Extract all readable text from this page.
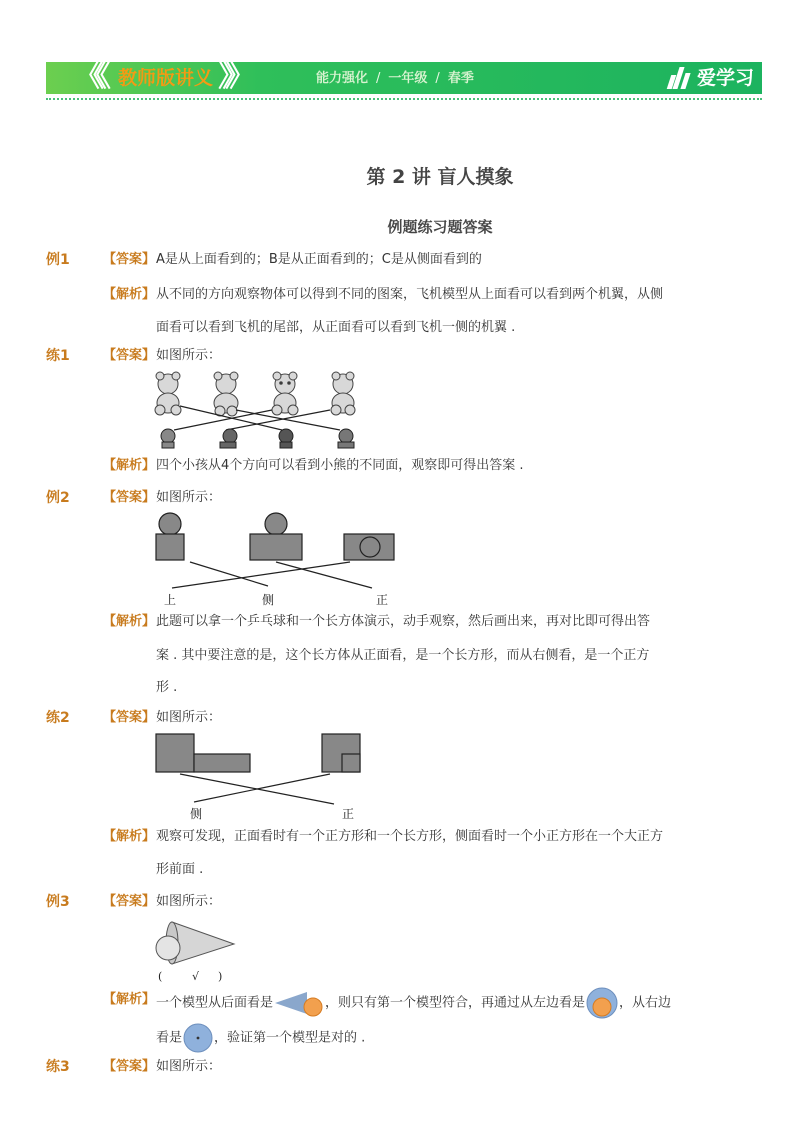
《《 教师版讲义 》》	能力强化 / 一年级 / 春季	爱学习
第 2 讲 盲人摸象
例题练习题答案
例1	【 答案 】	A是从上面看到的；B是从正面看到的；C是从侧面看到的
【 解析 】	从不同的方向观察物体可以得到不同的图案，飞机模型从上面看可以看到两个机翼，从侧
面看可以看到飞机的尾部，从正面看可以看到飞机一侧的机翼 .
练1	【 答案 】	如图所示：
【 解析 】	四个小孩从4个方向可以看到小熊的不同面，观察即可得出答案 .
例2	【 答案 】	如图所示：
上	侧	正
【 解析 】	此题可以拿一个乒乓球和一个长方体演示，动手观察，然后画出来，再对比即可得出答
案 . 其中要注意的是，这个长方体从正面看，是一个长方形，而从右侧看，是一个正方
形 .
练2	【 答案 】	如图所示：
侧	正
【 解析 】	观察可发现，正面看时有一个正方形和一个长方形，侧面看时一个小正方形在一个大正方
形前面 .
例3	【 答案 】	如图所示：
(	√ )
【 解析 】	一个模型从后面看是	，则只有第一个模型符合，再通过从左边看是	，从右边
看是 ，验证第一个模型是对的 .
练3	【 答案 】	如图所示：
